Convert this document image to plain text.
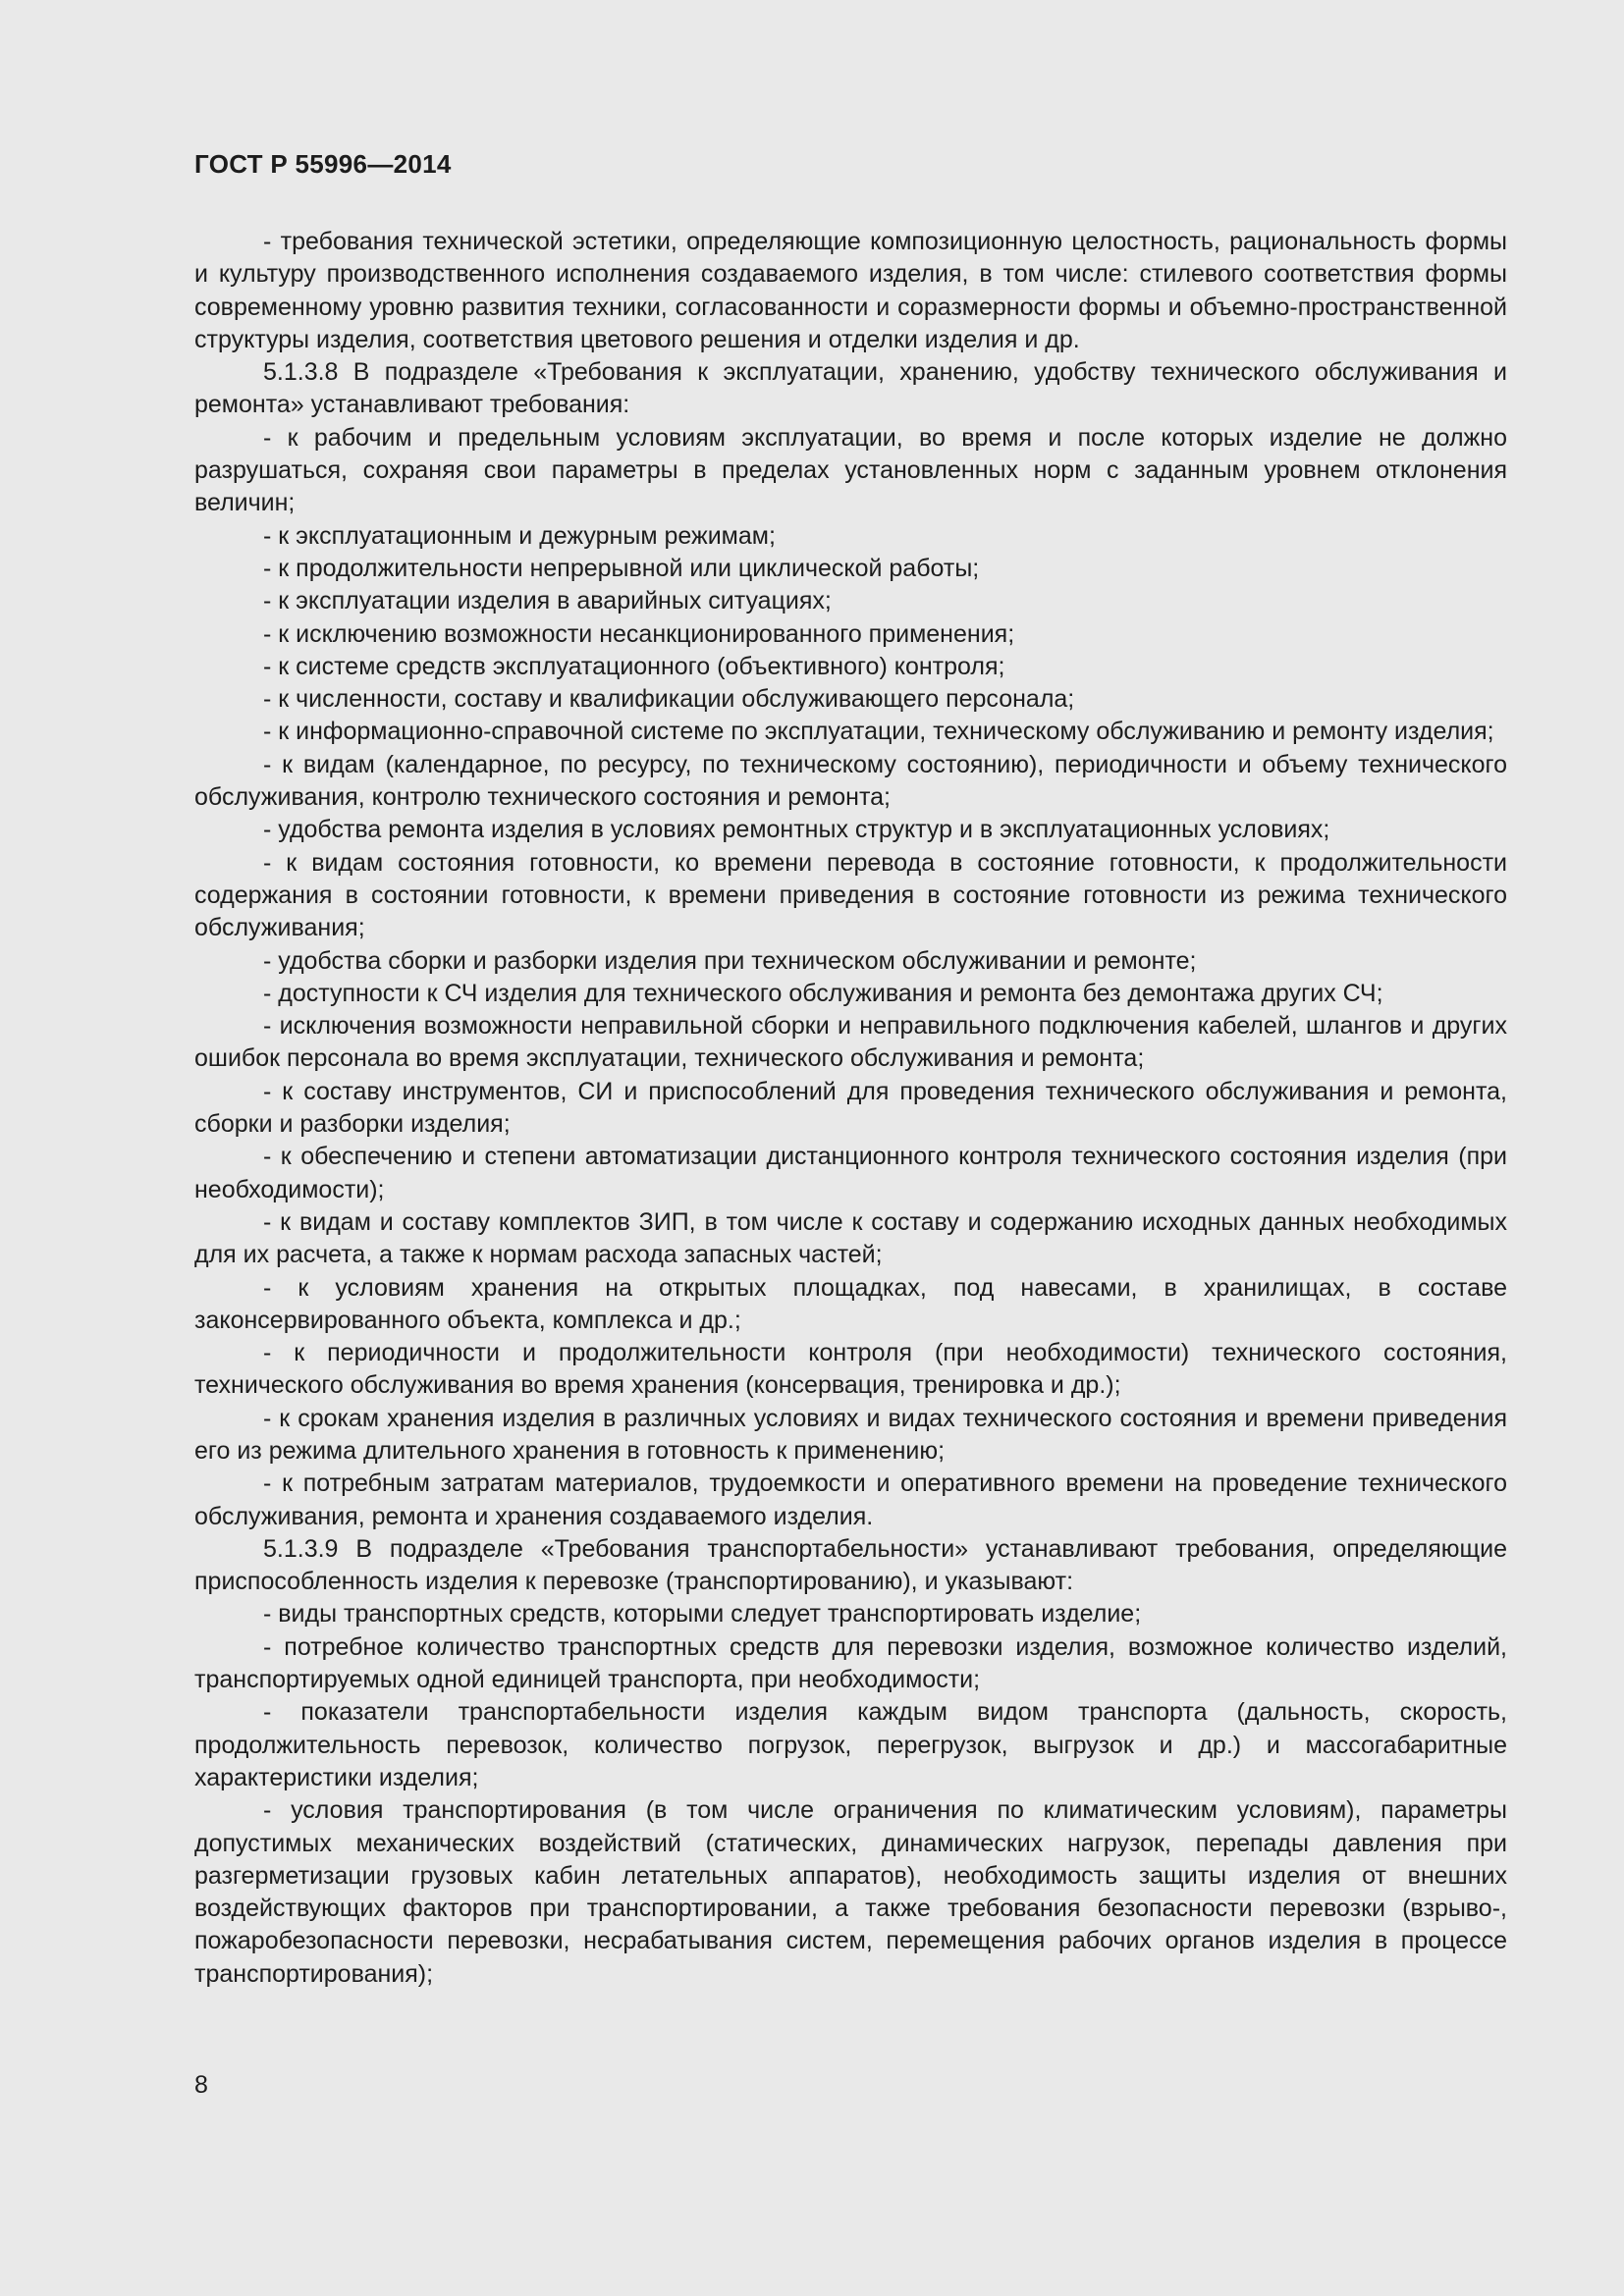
ГОСТ Р 55996—2014

- требования технической эстетики, определяющие композиционную целостность, рациональность формы и культуру производственного исполнения создаваемого изделия, в том числе: стилевого соответствия формы современному уровню развития техники, согласованности и соразмерности формы и объемно-пространственной структуры изделия, соответствия цветового решения и отделки изделия и др.

5.1.3.8 В подразделе «Требования к эксплуатации, хранению, удобству технического обслуживания и ремонта» устанавливают требования:

- к рабочим и предельным условиям эксплуатации, во время и после которых изделие не должно разрушаться, сохраняя свои параметры в пределах установленных норм с заданным уровнем отклонения величин;

- к эксплуатационным и дежурным режимам;

- к продолжительности непрерывной или циклической работы;

- к эксплуатации изделия в аварийных ситуациях;

- к исключению возможности несанкционированного применения;

- к системе средств эксплуатационного (объективного) контроля;

- к численности, составу и квалификации обслуживающего персонала;

- к информационно-справочной системе по эксплуатации, техническому обслуживанию и ремонту изделия;

- к видам (календарное, по ресурсу, по техническому состоянию), периодичности и объему технического обслуживания, контролю технического состояния и ремонта;

- удобства ремонта изделия в условиях ремонтных структур и в эксплуатационных условиях;

- к видам состояния готовности, ко времени перевода в состояние готовности, к продолжительности содержания в состоянии готовности, к времени приведения в состояние готовности из режима технического обслуживания;

- удобства сборки и разборки изделия при техническом обслуживании и ремонте;

- доступности к СЧ изделия для технического обслуживания и ремонта без демонтажа других СЧ;

- исключения возможности неправильной сборки и неправильного подключения кабелей, шлангов и других ошибок персонала во время эксплуатации, технического обслуживания и ремонта;

- к составу инструментов, СИ и приспособлений для проведения технического обслуживания и ремонта, сборки и разборки изделия;

- к обеспечению и степени автоматизации дистанционного контроля технического состояния изделия (при необходимости);

- к видам и составу комплектов ЗИП, в том числе к составу и содержанию исходных данных необходимых для их расчета, а также к нормам расхода запасных частей;

- к условиям хранения на открытых площадках, под навесами, в хранилищах, в составе законсервированного объекта, комплекса и др.;

- к периодичности и продолжительности контроля (при необходимости) технического состояния, технического обслуживания во время хранения (консервация, тренировка и др.);

- к срокам хранения изделия в различных условиях и видах технического состояния и времени приведения его из режима длительного хранения в готовность к применению;

- к потребным затратам материалов, трудоемкости и оперативного времени на проведение технического обслуживания, ремонта и хранения создаваемого изделия.

5.1.3.9 В подразделе «Требования транспортабельности» устанавливают требования, определяющие приспособленность изделия к перевозке (транспортированию), и указывают:

- виды транспортных средств, которыми следует транспортировать изделие;

- потребное количество транспортных средств для перевозки изделия, возможное количество изделий, транспортируемых одной единицей транспорта, при необходимости;

- показатели транспортабельности изделия каждым видом транспорта (дальность, скорость, продолжительность перевозок, количество погрузок, перегрузок, выгрузок и др.) и массогабаритные характеристики изделия;

- условия транспортирования (в том числе ограничения по климатическим условиям), параметры допустимых механических воздействий (статических, динамических нагрузок, перепады давления при разгерметизации грузовых кабин летательных аппаратов), необходимость защиты изделия от внешних воздействующих факторов при транспортировании, а также требования безопасности перевозки (взрыво-, пожаробезопасности перевозки, несрабатывания систем, перемещения рабочих органов изделия в процессе транспортирования);

8
